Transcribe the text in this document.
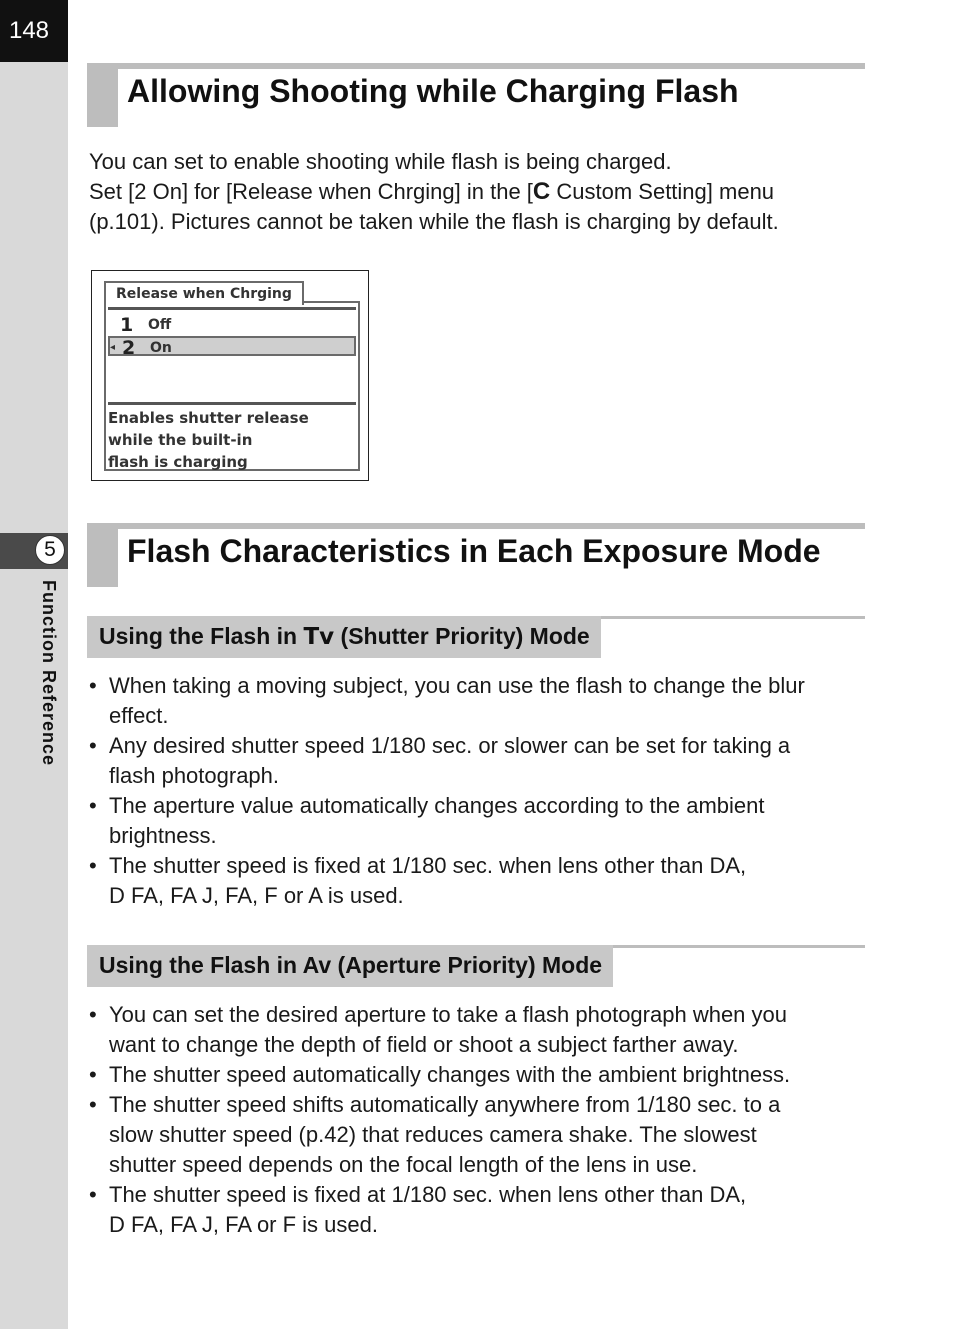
148
5
Function Reference
Allowing Shooting while Charging Flash
You can set to enable shooting while flash is being charged.
Set [2 On] for [Release when Chrging] in the [C Custom Setting] menu
(p.101). Pictures cannot be taken while the flash is charging by default.
1 Off
◂ 2 On
Enables shutter release
while the built-in
flash is charging
Release when Chrging
Flash Characteristics in Each Exposure Mode
Using the Flash in Tv (Shutter Priority) Mode
• When taking a moving subject, you can use the flash to change the blur
effect.
• Any desired shutter speed 1/180 sec. or slower can be set for taking a
flash photograph.
• The aperture value automatically changes according to the ambient
brightness.
• The shutter speed is fixed at 1/180 sec. when lens other than DA,
D FA, FA J, FA, F or A is used.
Using the Flash in Av (Aperture Priority) Mode
• You can set the desired aperture to take a flash photograph when you
want to change the depth of field or shoot a subject farther away.
• The shutter speed automatically changes with the ambient brightness.
• The shutter speed shifts automatically anywhere from 1/180 sec. to a
slow shutter speed (p.42) that reduces camera shake. The slowest
shutter speed depends on the focal length of the lens in use.
• The shutter speed is fixed at 1/180 sec. when lens other than DA,
D FA, FA J, FA or F is used.
